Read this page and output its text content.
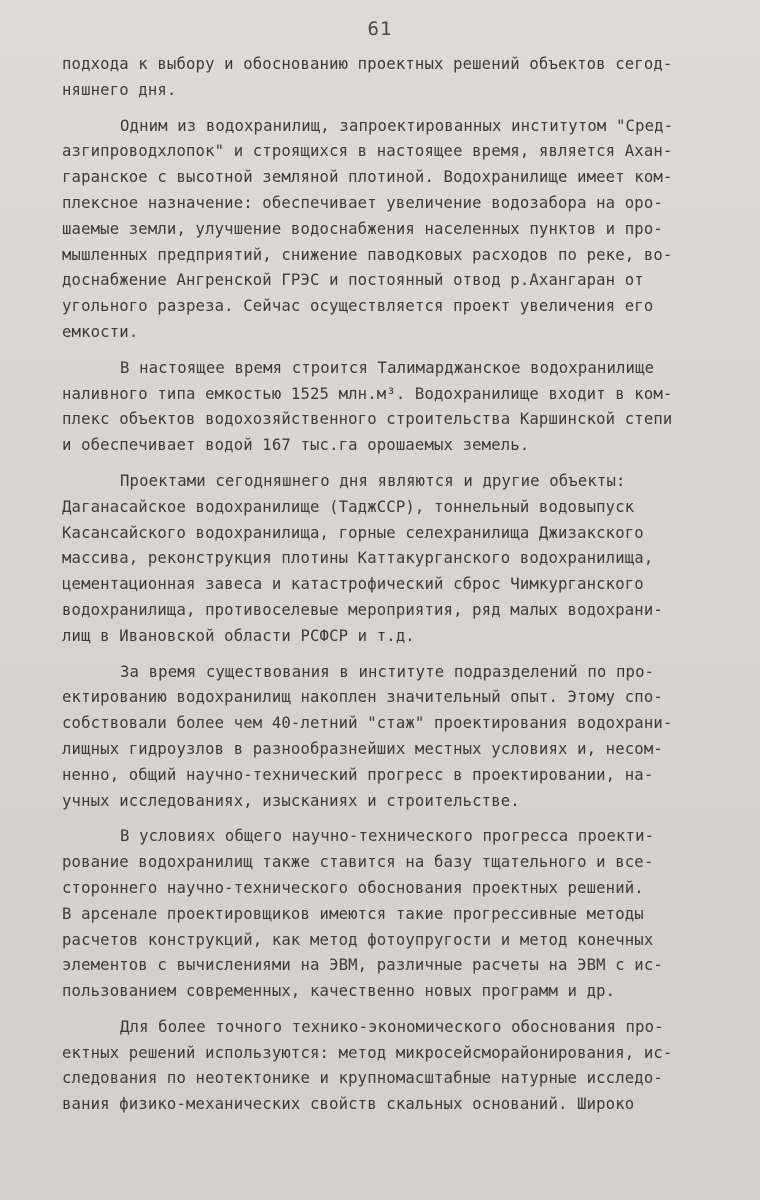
61
подхода к выбору и обоснованию проектных решений объектов сегод-
няшнего дня.
Одним из водохранилищ, запроектированных институтом "Сред-
азгипроводхлопок" и строящихся в настоящее время, является Ахан-
гаранское с высотной земляной плотиной. Водохранилище имеет ком-
плексное назначение: обеспечивает увеличение водозабора на оро-
шаемые земли, улучшение водоснабжения населенных пунктов и про-
мышленных предприятий, снижение паводковых расходов по реке, во-
доснабжение Ангренской ГРЭС и постоянный отвод р.Ахангаран от
угольного разреза. Сейчас осуществляется проект увеличения его
емкости.
В настоящее время строится Талимарджанское водохранилище
наливного типа емкостью 1525 млн.м³. Водохранилище входит в ком-
плекс объектов водохозяйственного строительства Каршинской степи
и обеспечивает водой 167 тыс.га орошаемых земель.
Проектами сегодняшнего дня являются и другие объекты:
Даганасайское водохранилище (ТаджССР), тоннельный водовыпуск
Касансайского водохранилища, горные селехранилища Джизакского
массива, реконструкция плотины Каттакурганского водохранилища,
цементационная завеса и катастрофический сброс Чимкурганского
водохранилища, противоселевые мероприятия, ряд малых водохрани-
лищ в Ивановской области РСФСР и т.д.
За время существования в институте подразделений по про-
ектированию водохранилищ накоплен значительный опыт. Этому спо-
собствовали более чем 40-летний "стаж" проектирования водохрани-
лищных гидроузлов в разнообразнейших местных условиях и, несом-
ненно, общий научно-технический прогресс в проектировании, на-
учных исследованиях, изысканиях и строительстве.
В условиях общего научно-технического прогресса проекти-
рование водохранилищ также ставится на базу тщательного и все-
стороннего научно-технического обоснования проектных решений.
В арсенале проектировщиков имеются такие прогрессивные методы
расчетов конструкций, как метод фотоупругости и метод конечных
элементов с вычислениями на ЭВМ, различные расчеты на ЭВМ с ис-
пользованием современных, качественно новых программ и др.
Для более точного технико-экономического обоснования про-
ектных решений используются: метод микросейсморайонирования, ис-
следования по неотектонике и крупномасштабные натурные исследо-
вания физико-механических свойств скальных оснований. Широко
